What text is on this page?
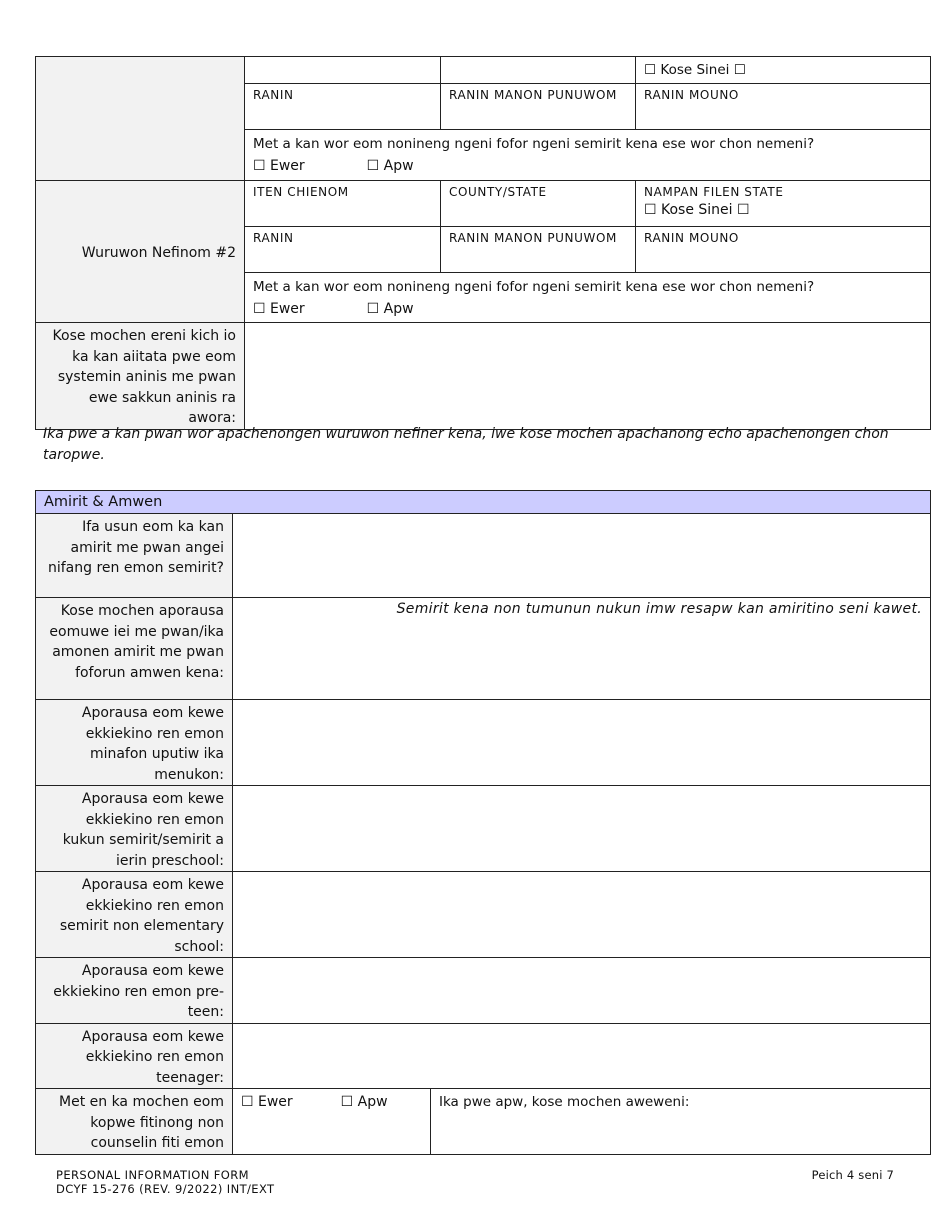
			☐ Kose Sinei ☐
	RANIN	RANIN MANON PUNUWOM	RANIN MOUNO

	Met a kan wor eom nonineng ngeni fofor ngeni semirit kena ese wor chon nemeni?
☐ Ewer ☐ Apw		

Wuruwon Nefinom #2	ITEN CHIENOM	COUNTY/STATE	NAMPAN FILEN STATE
☐ Kose Sinei ☐

	RANIN	RANIN MANON PUNUWOM	RANIN MOUNO

	Met a kan wor eom nonineng ngeni fofor ngeni semirit kena ese wor chon nemeni?
☐ Ewer ☐ Apw		

Kose mochen ereni kich io ka kan aiitata pwe eom systemin aninis me pwan ewe sakkun aninis ra awora:			
Ika pwe a kan pwan wor apachenongen wuruwon nefiner kena, iwe kose mochen apachanong echo apachenongen chon taropwe.
Amirit & Amwen		
Ifa usun eom ka kan amirit me pwan angei nifang ren emon semirit?		
Kose mochen aporausa eomuwe iei me pwan/ika amonen amirit me pwan foforun amwen kena:	Semirit kena non tumunun nukun imw resapw kan amiritino seni kawet.	
Aporausa eom kewe ekkiekino ren emon minafon uputiw ika menukon:		
Aporausa eom kewe ekkiekino ren emon kukun semirit/semirit a ierin preschool:		
Aporausa eom kewe ekkiekino ren emon semirit non elementary school:		
Aporausa eom kewe ekkiekino ren emon pre-teen:		
Aporausa eom kewe ekkiekino ren emon teenager:		
Met en ka mochen eom kopwe fitinong non counselin fiti emon	☐ Ewer ☐ Apw	Ika pwe apw, kose mochen aweweni:
PERSONAL INFORMATION FORM
DCYF 15-276 (REV. 9/2022) INT/EXT
Peich 4 seni 7
